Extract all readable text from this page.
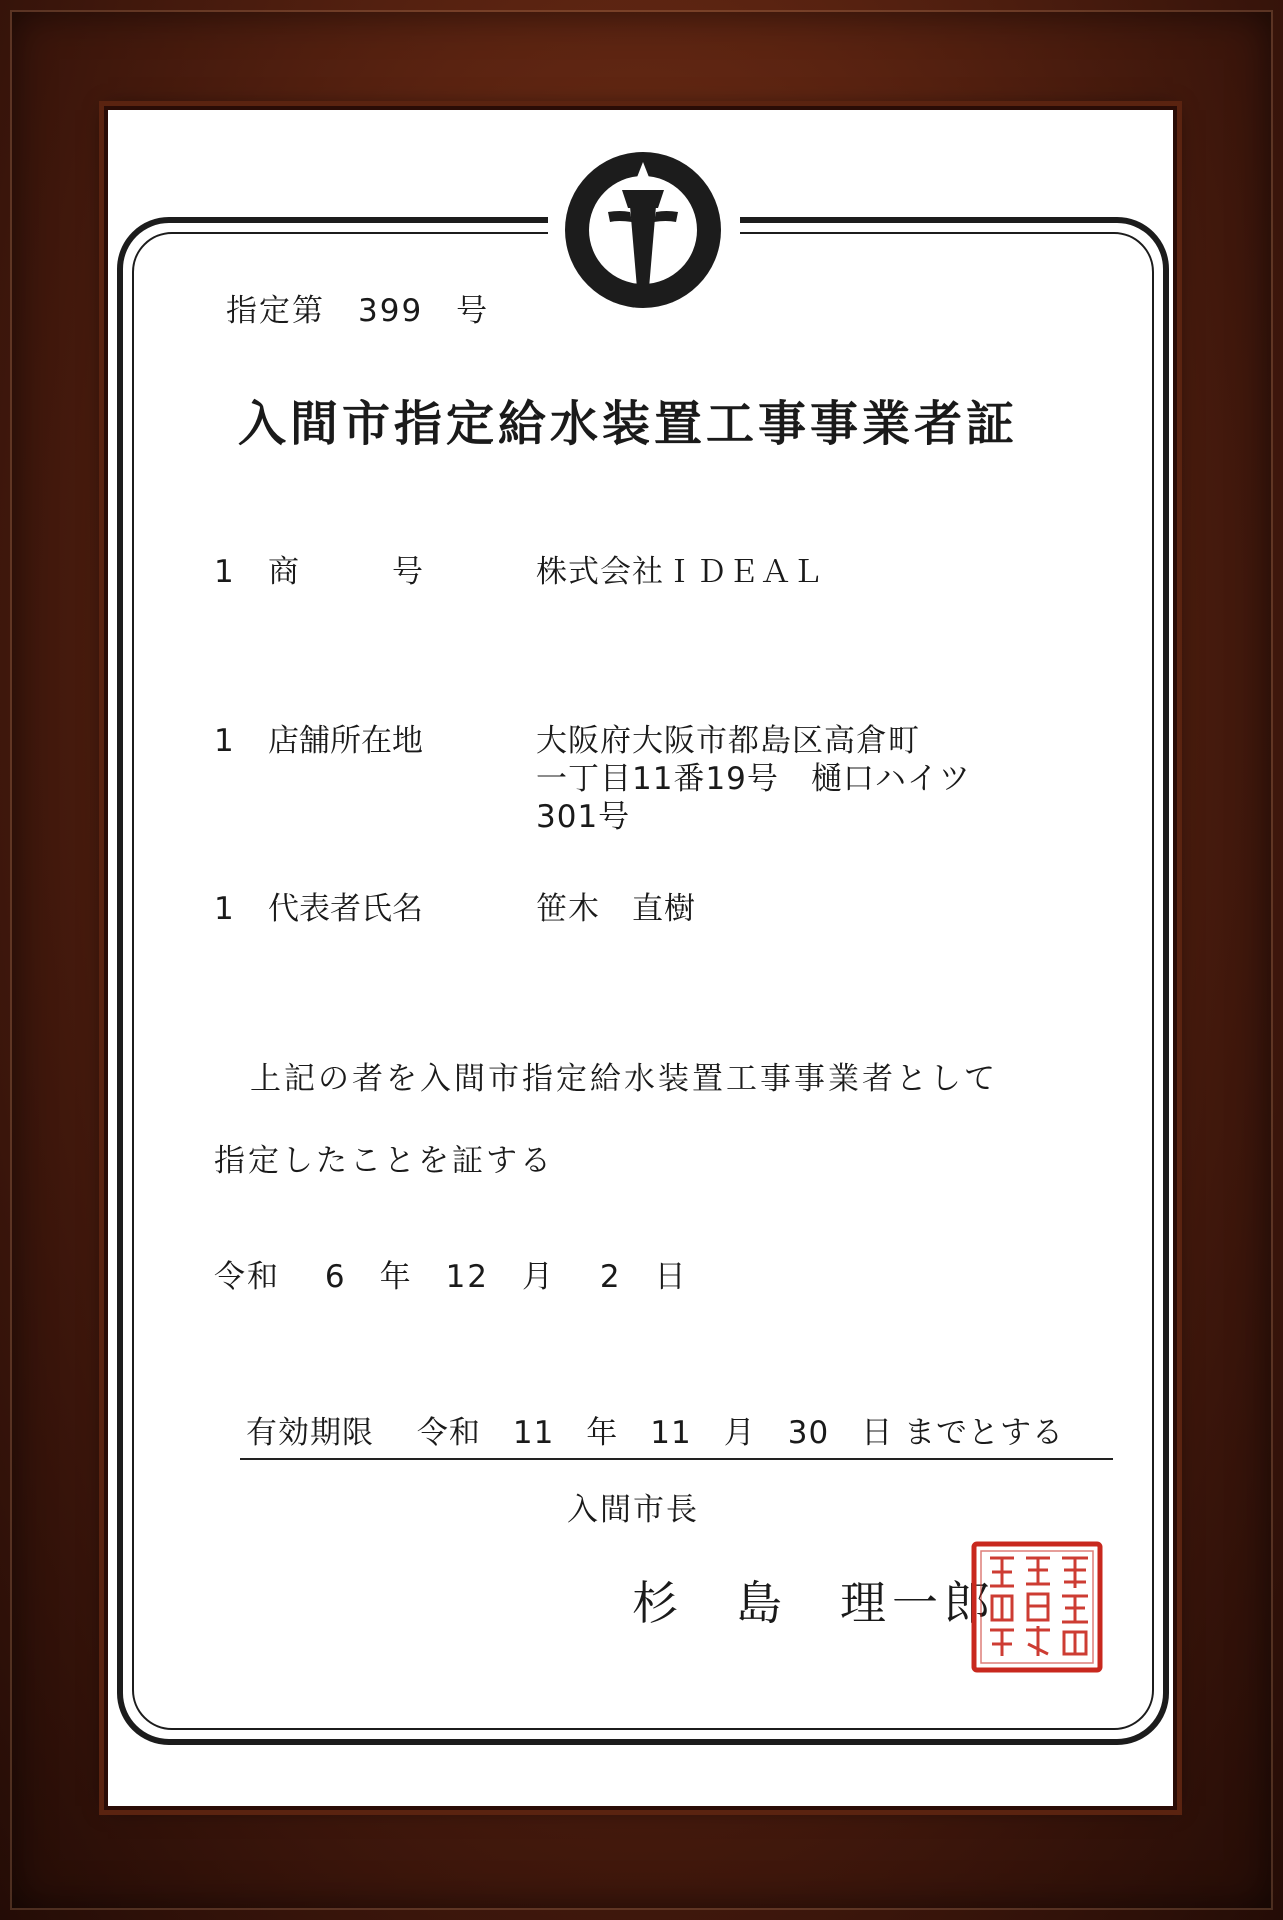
指定第　399　号
入間市指定給水装置工事事業者証
1 商　　　号	株式会社ＩＤＥＡＬ
1 店舗所在地	大阪府大阪市都島区高倉町
一丁目11番19号　樋口ハイツ
301号
1 代表者氏名	笹木　直樹
上記の者を入間市指定給水装置工事事業者として
指定したことを証する
令和　 6　年　12　月　 2　日
有効期限　 令和　11　年　11　月　30　日 までとする
入間市長
杉　島　理一郎
